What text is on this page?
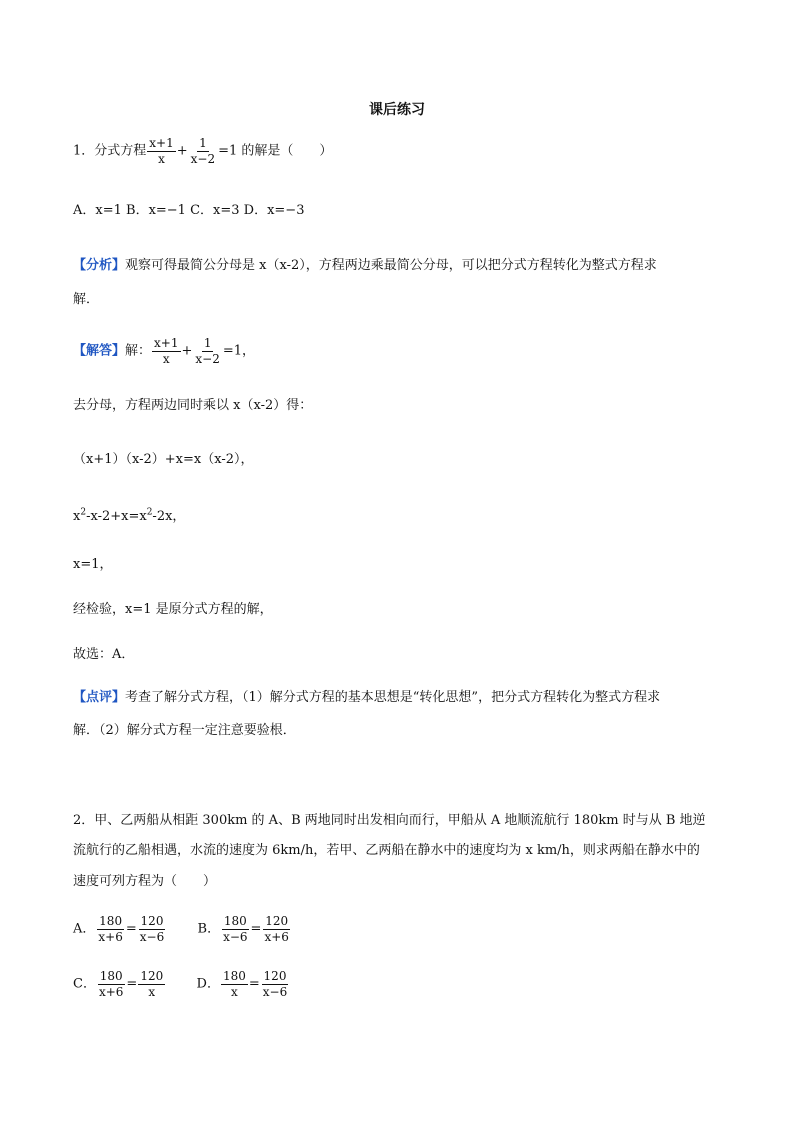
课后练习
1．分式方程 $\frac{x+1}{x} + \frac{1}{x-2} =1$ 的解是（　　）
A．x=1 B．x=−1 C．x=3 D．x=−3
【分析】观察可得最简公分母是 x（x-2），方程两边乘最简公分母，可以把分式方程转化为整式方程求
解．
【解答】解： $\frac{x+1}{x} + \frac{1}{x-2} =1$，
去分母，方程两边同时乘以 x（x-2）得：
（x+1）（x-2）+x=x（x-2），
$x^2-x-2+x=x^2-2x$，
x=1，
经检验，x=1 是原分式方程的解，
故选：A．
【点评】考查了解分式方程，（1）解分式方程的基本思想是“转化思想”，把分式方程转化为整式方程求
解．（2）解分式方程一定注意要验根．
2．甲、乙两船从相距 300km 的 A、B 两地同时出发相向而行，甲船从 A 地顺流航行 180km 时与从 B 地逆
流航行的乙船相遇，水流的速度为 6km/h，若甲、乙两船在静水中的速度均为 x km/h，则求两船在静水中的
速度可列方程为（　　）
A． $\frac{180}{x+6} = \frac{120}{x-6}$ B． $\frac{180}{x-6} = \frac{120}{x+6}$
C． $\frac{180}{x+6} = \frac{120}{x}$ D． $\frac{180}{x} = \frac{120}{x-6}$
